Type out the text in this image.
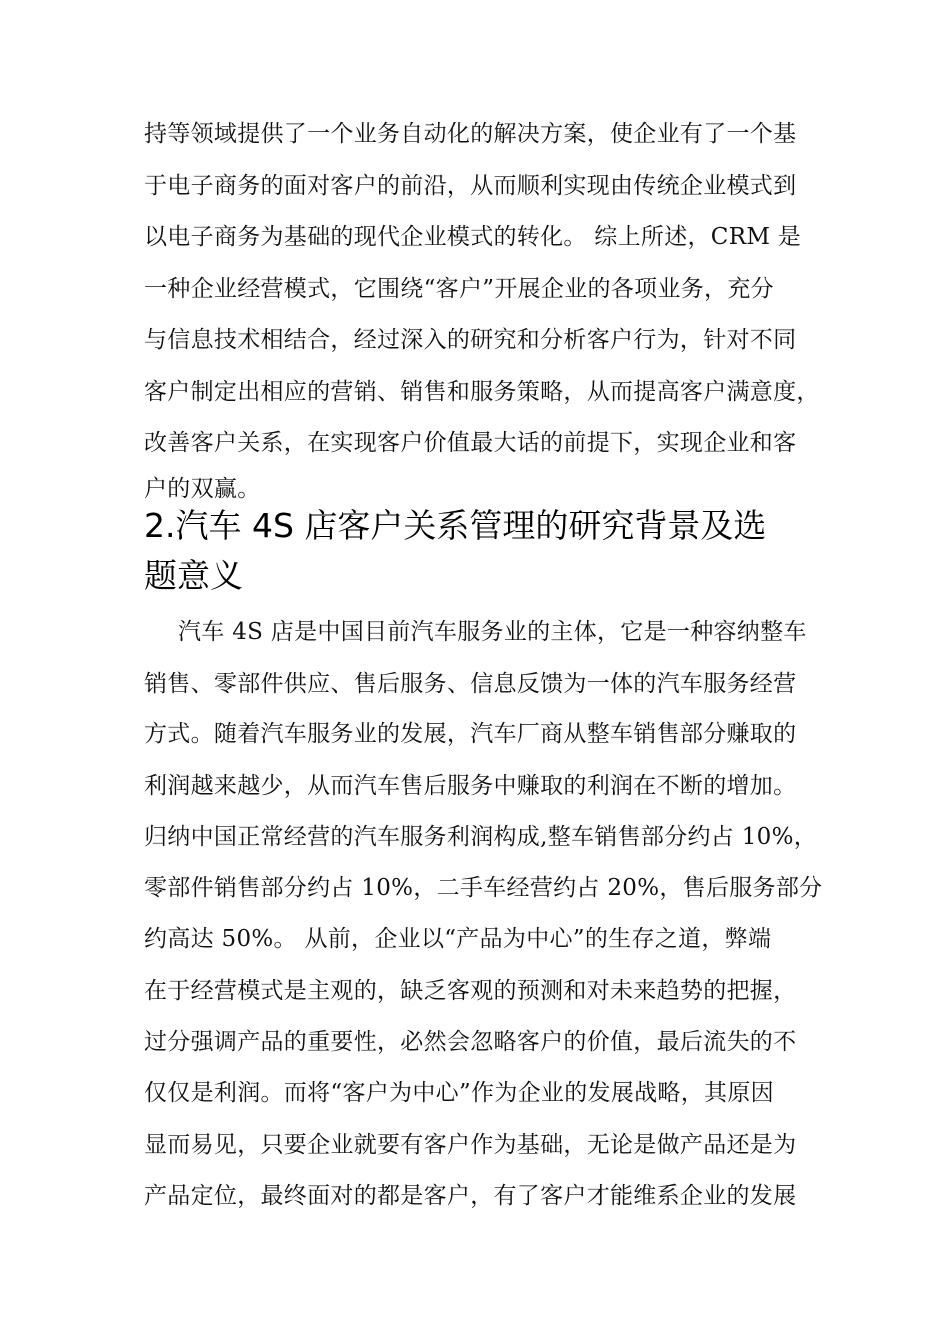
持等领域提供了一个业务自动化的解决方案，使企业有了一个基
于电子商务的面对客户的前沿，从而顺利实现由传统企业模式到
以电子商务为基础的现代企业模式的转化。 综上所述，CRM 是
一种企业经营模式，它围绕“客户”开展企业的各项业务，充分
与信息技术相结合，经过深入的研究和分析客户行为，针对不同
客户制定出相应的营销、销售和服务策略，从而提高客户满意度，
改善客户关系，在实现客户价值最大话的前提下，实现企业和客
户的双赢。
2.汽车 4S 店客户关系管理的研究背景及选
题意义
汽车 4S 店是中国目前汽车服务业的主体，它是一种容纳整车
销售、零部件供应、售后服务、信息反馈为一体的汽车服务经营
方式。随着汽车服务业的发展，汽车厂商从整车销售部分赚取的
利润越来越少，从而汽车售后服务中赚取的利润在不断的增加。
归纳中国正常经营的汽车服务利润构成,整车销售部分约占 10%，
零部件销售部分约占 10%，二手车经营约占 20%，售后服务部分
约高达 50%。 从前，企业以“产品为中心”的生存之道，弊端
在于经营模式是主观的，缺乏客观的预测和对未来趋势的把握，
过分强调产品的重要性，必然会忽略客户的价值，最后流失的不
仅仅是利润。而将“客户为中心”作为企业的发展战略，其原因
显而易见，只要企业就要有客户作为基础，无论是做产品还是为
产品定位，最终面对的都是客户，有了客户才能维系企业的发展
